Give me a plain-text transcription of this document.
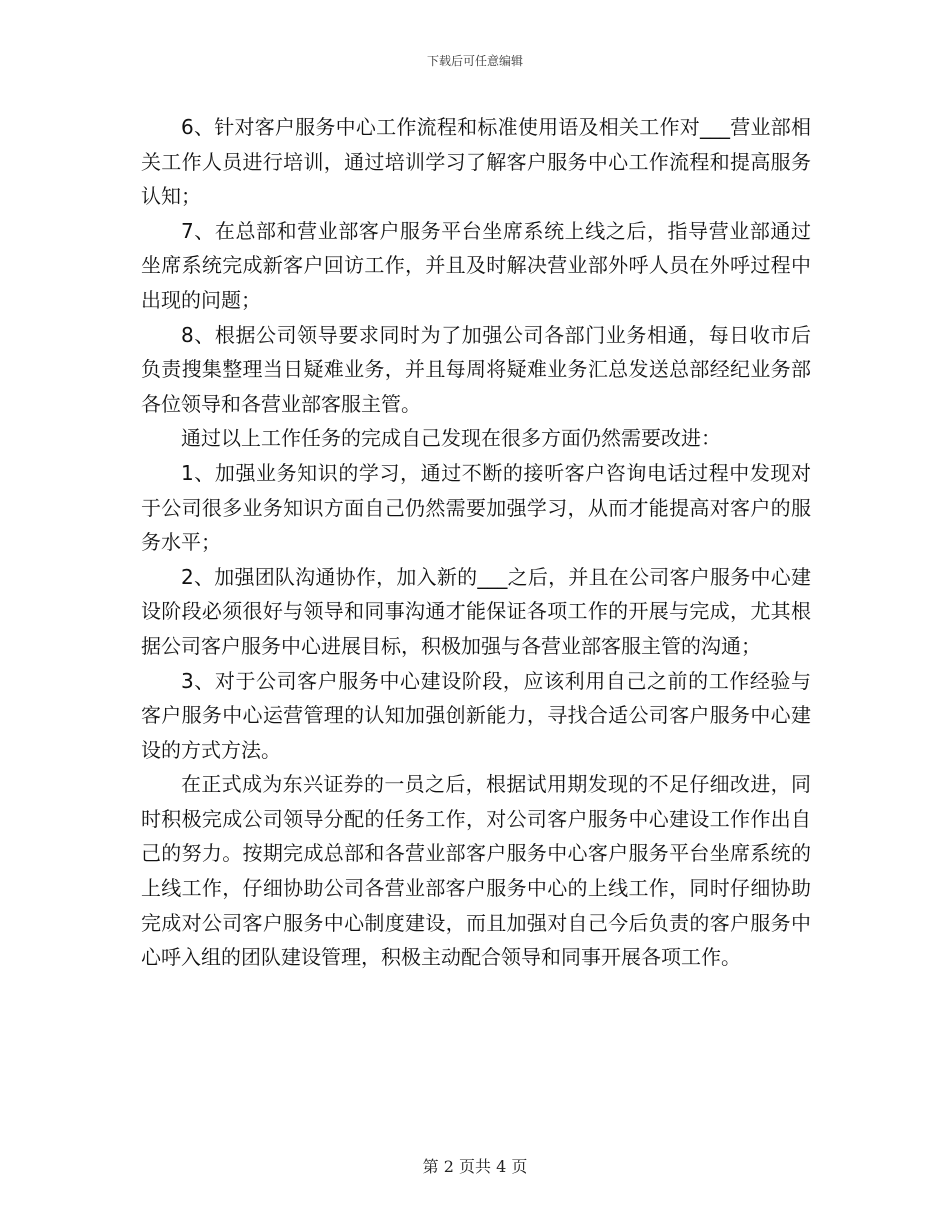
下载后可任意编辑

6、针对客户服务中心工作流程和标准使用语及相关工作对___营业部相关工作人员进行培训，通过培训学习了解客户服务中心工作流程和提高服务认知；

7、在总部和营业部客户服务平台坐席系统上线之后，指导营业部通过坐席系统完成新客户回访工作，并且及时解决营业部外呼人员在外呼过程中出现的问题；

8、根据公司领导要求同时为了加强公司各部门业务相通，每日收市后负责搜集整理当日疑难业务，并且每周将疑难业务汇总发送总部经纪业务部各位领导和各营业部客服主管。

通过以上工作任务的完成自己发现在很多方面仍然需要改进：

1、加强业务知识的学习，通过不断的接听客户咨询电话过程中发现对于公司很多业务知识方面自己仍然需要加强学习，从而才能提高对客户的服务水平；

2、加强团队沟通协作，加入新的___之后，并且在公司客户服务中心建设阶段必须很好与领导和同事沟通才能保证各项工作的开展与完成，尤其根据公司客户服务中心进展目标，积极加强与各营业部客服主管的沟通；

3、对于公司客户服务中心建设阶段，应该利用自己之前的工作经验与客户服务中心运营管理的认知加强创新能力，寻找合适公司客户服务中心建设的方式方法。

在正式成为东兴证券的一员之后，根据试用期发现的不足仔细改进，同时积极完成公司领导分配的任务工作，对公司客户服务中心建设工作作出自己的努力。按期完成总部和各营业部客户服务中心客户服务平台坐席系统的上线工作，仔细协助公司各营业部客户服务中心的上线工作，同时仔细协助完成对公司客户服务中心制度建设，而且加强对自己今后负责的客户服务中心呼入组的团队建设管理，积极主动配合领导和同事开展各项工作。

第 2 页共 4 页
